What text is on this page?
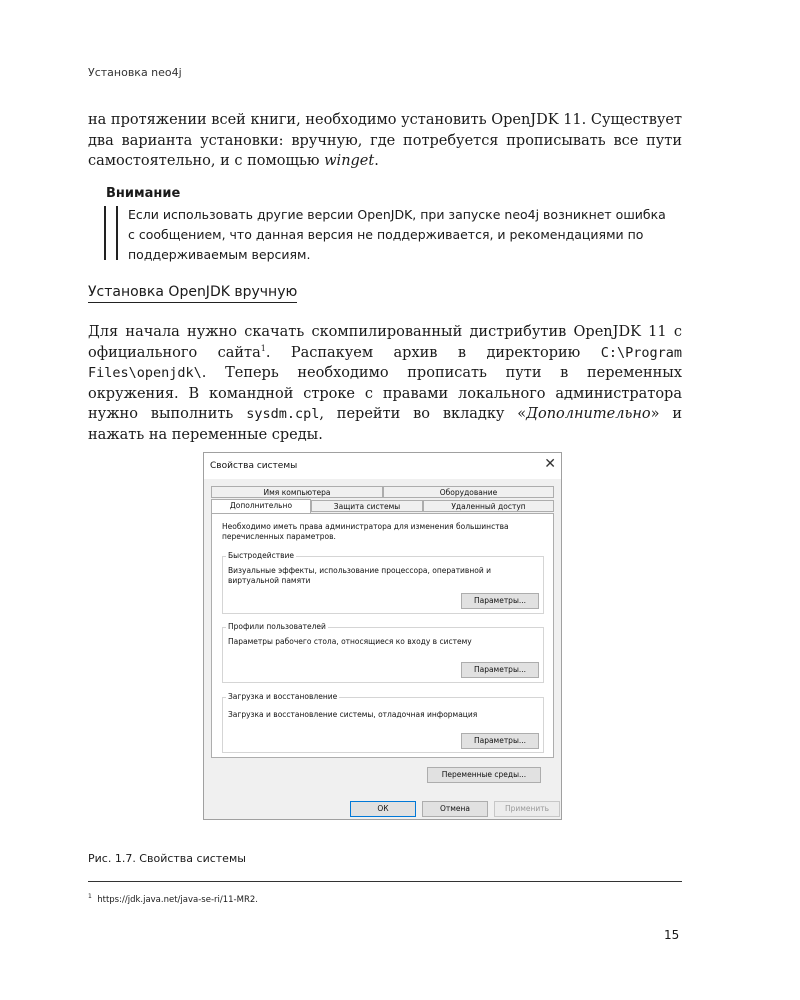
Установка neo4j
на протяжении всей книги, необходимо установить OpenJDK 11. Существует два варианта установки: вручную, где потребуется прописывать все пути самостоятельно, и с помощью winget.
Внимание
Если использовать другие версии OpenJDK, при запуске neo4j возникнет ошибка с сообщением, что данная версия не поддерживается, и рекомендациями по поддерживаемым версиям.
Установка OpenJDK вручную
Для начала нужно скачать скомпилированный дистрибутив OpenJDK 11 с официального сайта$^1$. Распакуем архив в директорию C:\Program Files\openjdk\. Теперь необходимо прописать пути в переменных окружения. В командной строке с правами локального администратора нужно выполнить sysdm.cpl, перейти во вкладку «Дополнительно» и нажать на переменные среды.
Свойства системы	✕
Имя компьютера	Оборудование
Дополнительно	Защита системы	Удаленный доступ
Необходимо иметь права администратора для изменения большинства перечисленных параметров.
Быстродействие
Визуальные эффекты, использование процессора, оперативной и виртуальной памяти
Параметры...
Профили пользователей
Параметры рабочего стола, относящиеся ко входу в систему
Параметры...
Загрузка и восстановление
Загрузка и восстановление системы, отладочная информация
Параметры...
Переменные среды...
ОК	Отмена	Применить
Рис. 1.7. Свойства системы
$^1$ https://jdk.java.net/java-se-ri/11-MR2.
15
